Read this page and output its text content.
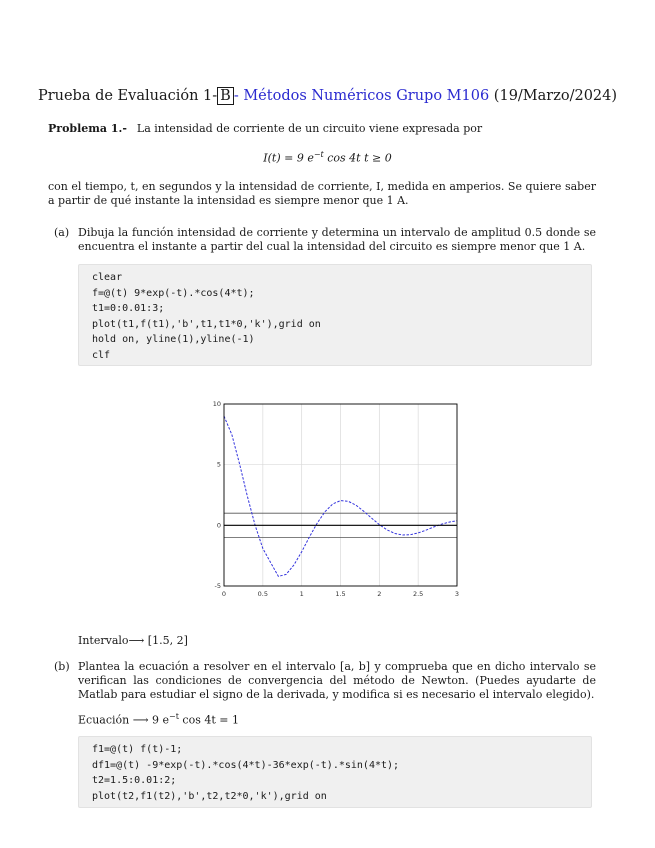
Prueba de Evaluación 1- B - Métodos Numéricos Grupo M106 (19/Marzo/2024)
Problema 1.- La intensidad de corriente de un circuito viene expresada por
I(t) = 9 $e^{-t}$ cos 4t t ≥ 0
con el tiempo, t, en segundos y la intensidad de corriente, I, medida en amperios. Se quiere saber a partir de qué instante la intensidad es siempre menor que 1 A.
(a) Dibuja la función intensidad de corriente y determina un intervalo de amplitud 0.5 donde se encuentra el instante a partir del cual la intensidad del circuito es siempre menor que 1 A.
clear
f=@(t) 9*exp(-t).*cos(4*t);
t1=0:0.01:3;
plot(t1,f(t1),'b',t1,t1*0,'k'),grid on
hold on, yline(1),yline(-1)
clf
0	0.5	1	1.5	2	2.5	3
-5
0
5
10
Intervalo⟶ [1.5, 2]
(b) Plantea la ecuación a resolver en el intervalo [a, b] y comprueba que en dicho intervalo se verifican las condiciones de convergencia del método de Newton. (Puedes ayudarte de Matlab para estudiar el signo de la derivada, y modifica si es necesario el intervalo elegido).
Ecuación ⟶ 9 $e^{-t}$ cos 4t = 1
f1=@(t) f(t)-1;
df1=@(t) -9*exp(-t).*cos(4*t)-36*exp(-t).*sin(4*t);
t2=1.5:0.01:2;
plot(t2,f1(t2),'b',t2,t2*0,'k'),grid on
